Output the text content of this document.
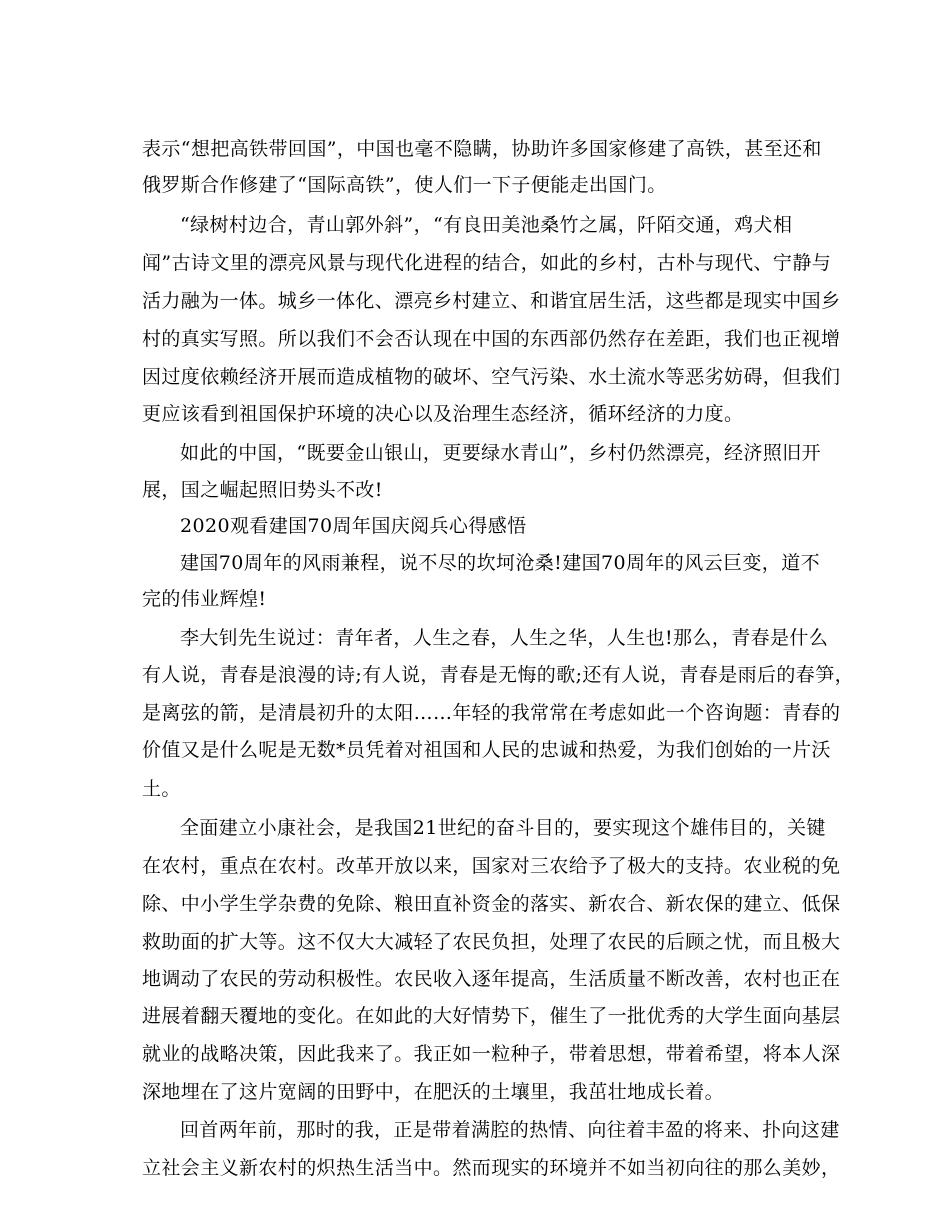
表示“想把高铁带回国”，中国也毫不隐瞒，协助许多国家修建了高铁，甚至还和
俄罗斯合作修建了“国际高铁”，使人们一下子便能走出国门。
“绿树村边合，青山郭外斜”，“有良田美池桑竹之属，阡陌交通，鸡犬相
闻”古诗文里的漂亮风景与现代化进程的结合，如此的乡村，古朴与现代、宁静与
活力融为一体。城乡一体化、漂亮乡村建立、和谐宜居生活，这些都是现实中国乡
村的真实写照。所以我们不会否认现在中国的东西部仍然存在差距，我们也正视增
因过度依赖经济开展而造成植物的破坏、空气污染、水土流水等恶劣妨碍，但我们
更应该看到祖国保护环境的决心以及治理生态经济，循环经济的力度。
如此的中国，“既要金山银山，更要绿水青山”，乡村仍然漂亮，经济照旧开
展，国之崛起照旧势头不改!
2020观看建国70周年国庆阅兵心得感悟
建国70周年的风雨兼程，说不尽的坎坷沧桑!建国70周年的风云巨变，道不
完的伟业辉煌!
李大钊先生说过：青年者，人生之春，人生之华，人生也!那么，青春是什么
有人说，青春是浪漫的诗;有人说，青春是无悔的歌;还有人说，青春是雨后的春笋，
是离弦的箭，是清晨初升的太阳……年轻的我常常在考虑如此一个咨询题：青春的
价值又是什么呢是无数*员凭着对祖国和人民的忠诚和热爱，为我们创始的一片沃
土。
全面建立小康社会，是我国21世纪的奋斗目的，要实现这个雄伟目的，关键
在农村，重点在农村。改革开放以来，国家对三农给予了极大的支持。农业税的免
除、中小学生学杂费的免除、粮田直补资金的落实、新农合、新农保的建立、低保
救助面的扩大等。这不仅大大减轻了农民负担，处理了农民的后顾之忧，而且极大
地调动了农民的劳动积极性。农民收入逐年提高，生活质量不断改善，农村也正在
进展着翻天覆地的变化。在如此的大好情势下，催生了一批优秀的大学生面向基层
就业的战略决策，因此我来了。我正如一粒种子，带着思想，带着希望，将本人深
深地埋在了这片宽阔的田野中，在肥沃的土壤里，我茁壮地成长着。
回首两年前，那时的我，正是带着满腔的热情、向往着丰盈的将来、扑向这建
立社会主义新农村的炽热生活当中。然而现实的环境并不如当初向往的那么美妙，
